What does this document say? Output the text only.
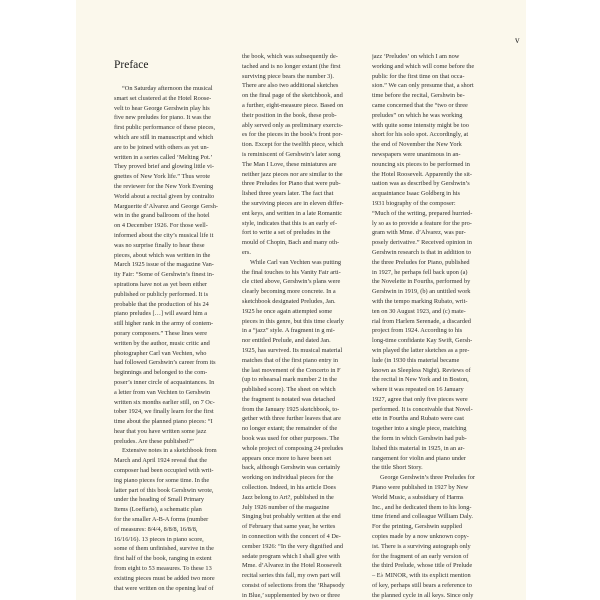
v
Preface
“On Saturday afternoon the musical
smart set clustered at the Hotel Roose-
velt to hear George Gershwin play his
five new preludes for piano. It was the
first public performance of these pieces,
which are still in manuscript and which
are to be joined with others as yet un-
written in a series called ‘Melting Pot.’
They proved brief and glowing little vi-
gnettes of New York life.” Thus wrote
the reviewer for the New York Evening
World about a recital given by contralto
Marguerite d’Alvarez and George Gersh-
win in the grand ballroom of the hotel
on 4 December 1926. For those well-
informed about the city’s musical life it
was no surprise finally to hear these
pieces, about which was written in the
March 1925 issue of the magazine Van-
ity Fair: “Some of Gershwin’s finest in-
spirations have not as yet been either
published or publicly performed. It is
probable that the production of his 24
piano preludes […] will award him a
still higher rank in the army of contem-
porary composers.” These lines were
written by the author, music critic and
photographer Carl van Vechten, who
had followed Gershwin’s career from its
beginnings and belonged to the com-
poser’s inner circle of acquaintances. In
a letter from van Vechten to Gershwin
written six months earlier still, on 7 Oc-
tober 1924, we finally learn for the first
time about the planned piano pieces: “I
hear that you have written some jazz
preludes. Are these published?”
Extensive notes in a sketchbook from
March and April 1924 reveal that the
composer had been occupied with writ-
ing piano pieces for some time. In the
latter part of this book Gershwin wrote,
under the heading of Small Primary
Items (Loeffaris), a schematic plan
for the smaller A-B-A forms (number
of measures: 8/4/4, 8/8/8, 16/8/8,
16/16/16). 13 pieces in piano score,
some of them unfinished, survive in the
first half of the book, ranging in extent
from eight to 53 measures. To these 13
existing pieces must be added two more
that were written on the opening leaf of
the book, which was subsequently de-
tached and is no longer extant (the first
surviving piece bears the number 3).
There are also two additional sketches
on the final page of the sketchbook, and
a further, eight-measure piece. Based on
their position in the book, these prob-
ably served only as preliminary exercis-
es for the pieces in the book’s front por-
tion. Except for the twelfth piece, which
is reminiscent of Gershwin’s later song
The Man I Love, these miniatures are
neither jazz pieces nor are similar to the
three Preludes for Piano that were pub-
lished three years later. The fact that
the surviving pieces are in eleven differ-
ent keys, and written in a late Romantic
style, indicates that this is an early ef-
fort to write a set of preludes in the
mould of Chopin, Bach and many oth-
ers.
While Carl van Vechten was putting
the final touches to his Vanity Fair arti-
cle cited above, Gershwin’s plans were
clearly becoming more concrete. In a
sketchbook designated Preludes, Jan.
1925 he once again attempted some
pieces in this genre, but this time clearly
in a “jazz” style. A fragment in g mi-
nor entitled Prelude, and dated Jan.
1925, has survived. Its musical material
matches that of the first piano entry in
the last movement of the Concerto in F
(up to rehearsal mark number 2 in the
published score). The sheet on which
the fragment is notated was detached
from the January 1925 sketchbook, to-
gether with three further leaves that are
no longer extant; the remainder of the
book was used for other purposes. The
whole project of composing 24 preludes
appears once more to have been set
back, although Gershwin was certainly
working on individual pieces for the
collection. Indeed, in his article Does
Jazz belong to Art?, published in the
July 1926 number of the magazine
Singing but probably written at the end
of February that same year, he writes
in connection with the concert of 4 De-
cember 1926: “In the very dignified and
sedate program which I shall give with
Mme. d’Alvarez in the Hotel Roosevelt
recital series this fall, my own part will
consist of selections from the ‘Rhapsody
in Blue,’ supplemented by two or three
jazz ‘Preludes’ on which I am now
working and which will come before the
public for the first time on that occa-
sion.” We can only presume that, a short
time before the recital, Gershwin be-
came concerned that the “two or three
preludes” on which he was working
with quite some intensity might be too
short for his solo spot. Accordingly, at
the end of November the New York
newspapers were unanimous in an-
nouncing six pieces to be performed in
the Hotel Roosevelt. Apparently the sit-
uation was as described by Gershwin’s
acquaintance Isaac Goldberg in his
1931 biography of the composer:
“Much of the writing, prepared hurried-
ly so as to provide a feature for the pro-
gram with Mme. d’Alvarez, was pur-
posely derivative.” Received opinion in
Gershwin research is that in addition to
the three Preludes for Piano, published
in 1927, he perhaps fell back upon (a)
the Novelette in Fourths, performed by
Gershwin in 1919, (b) an untitled work
with the tempo marking Rubato, writ-
ten on 30 August 1923, and (c) mate-
rial from Harlem Serenade, a discarded
project from 1924. According to his
long-time confidante Kay Swift, Gersh-
win played the latter sketches as a pre-
lude (in 1930 this material became
known as Sleepless Night). Reviews of
the recital in New York and in Boston,
where it was repeated on 16 January
1927, agree that only five pieces were
performed. It is conceivable that Novel-
ette in Fourths and Rubato were cast
together into a single piece, matching
the form in which Gershwin had pub-
lished this material in 1925, in an ar-
rangement for violin and piano under
the title Short Story.
George Gershwin’s three Preludes for
Piano were published in 1927 by New
World Music, a subsidiary of Harms
Inc., and he dedicated them to his long-
time friend and colleague William Daly.
For the printing, Gershwin supplied
copies made by a now unknown copy-
ist. There is a surviving autograph only
for the fragment of an early version of
the third Prelude, whose title of Prelude
– E♭ MINOR, with its explicit mention
of key, perhaps still bears a reference to
the planned cycle in all keys. Since only
